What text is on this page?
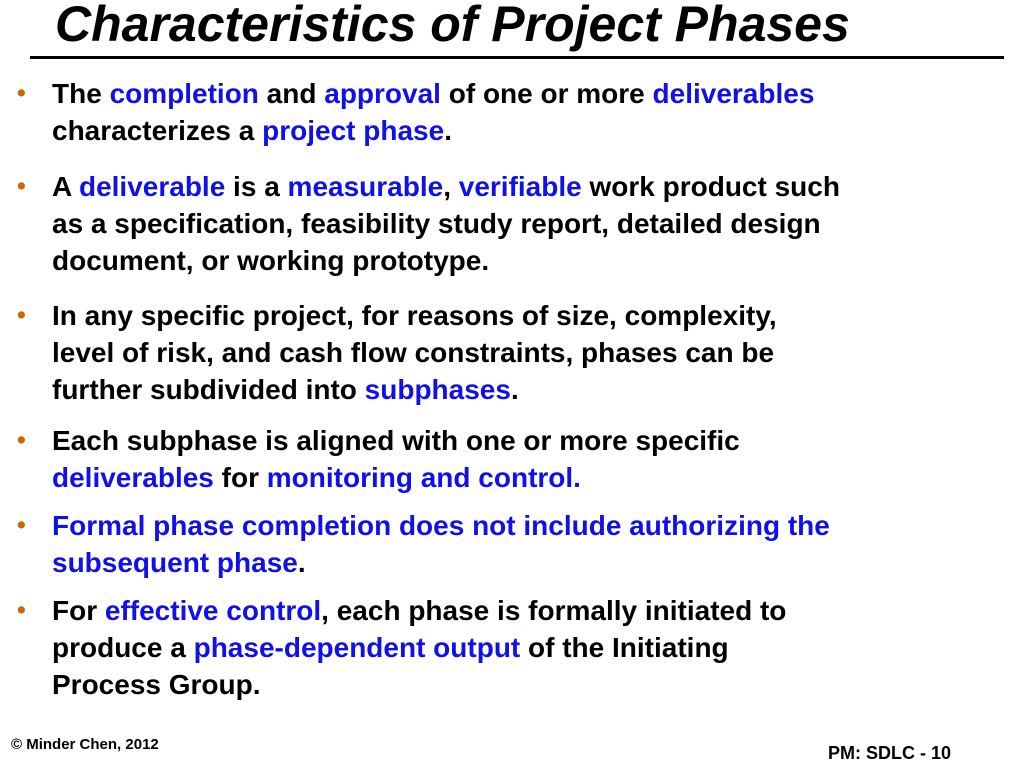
Characteristics of Project Phases
• The completion and approval of one or more deliverables
characterizes a project phase.
• A deliverable is a measurable, verifiable work product such
as a specification, feasibility study report, detailed design
document, or working prototype.
• In any specific project, for reasons of size, complexity,
level of risk, and cash flow constraints, phases can be
further subdivided into subphases.
• Each subphase is aligned with one or more specific
deliverables for monitoring and control.
• Formal phase completion does not include authorizing the
subsequent phase.
• For effective control, each phase is formally initiated to
produce a phase-dependent output of the Initiating
Process Group.
© Minder Chen, 2012	PM: SDLC - 10
